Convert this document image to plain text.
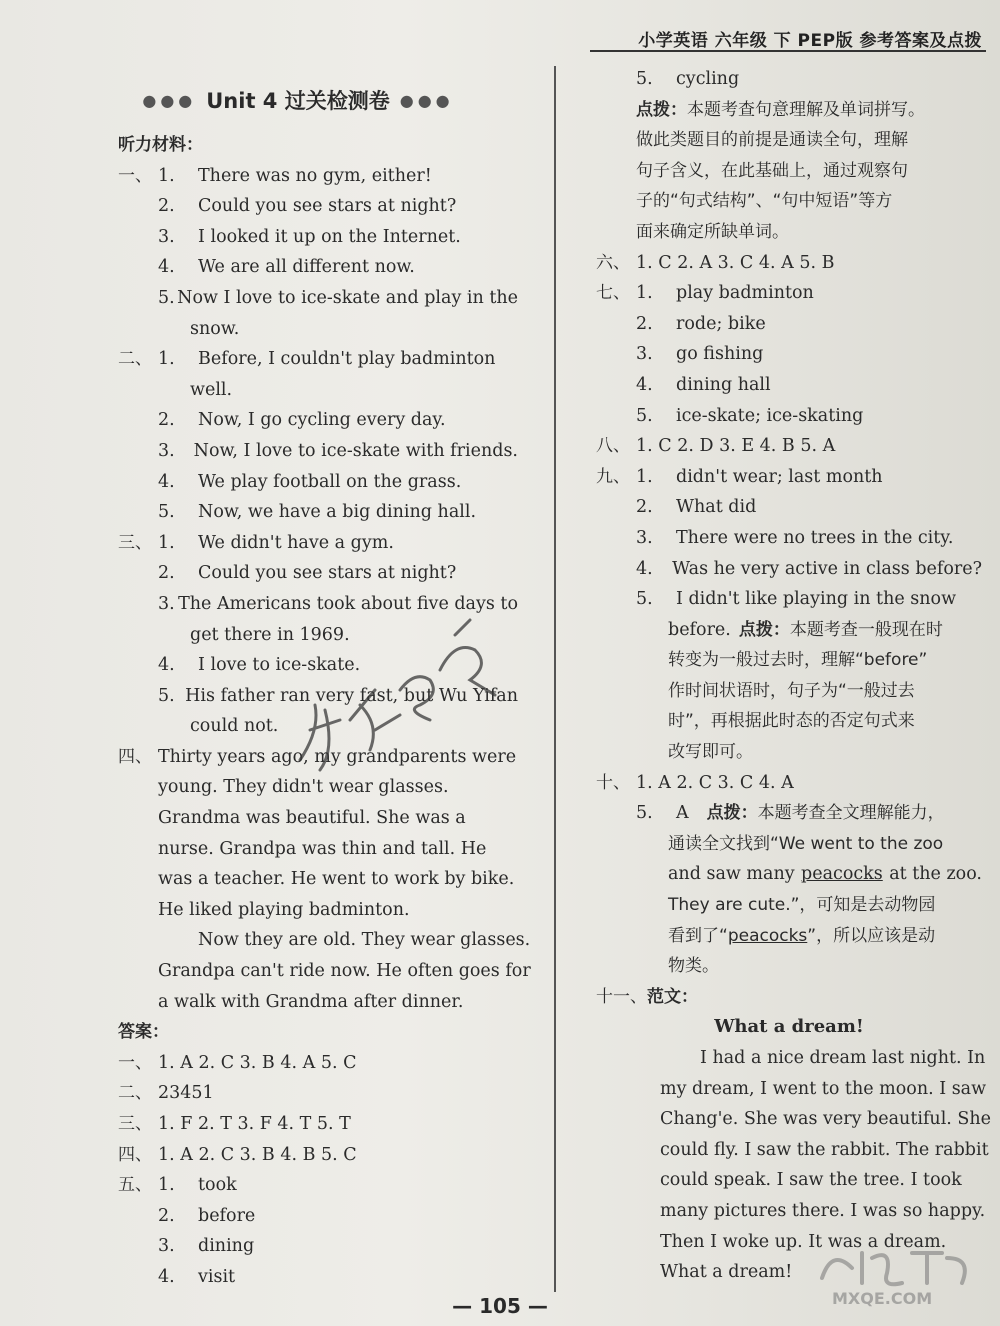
小学英语 六年级 下 PEP版 参考答案及点拨
●●● Unit 4 过关检测卷 ●●●
听力材料：
一、 1.	There was no gym, either!
2.	Could you see stars at night?
3.	I looked it up on the Internet.
4.	We are all different now.
5. Now I love to ice-skate and play in the
snow.
二、 1.	Before, I couldn't play badminton
well.
2.	Now, I go cycling every day.
3.	Now, I love to ice-skate with friends.
4.	We play football on the grass.
5.	Now, we have a big dining hall.
三、 1.	We didn't have a gym.
2.	Could you see stars at night?
3. The Americans took about five days to
get there in 1969.
4.	I love to ice-skate.
5. His father ran very fast, but Wu Yifan
could not.
四、 Thirty years ago, my grandparents were
young. They didn't wear glasses.
Grandma was beautiful. She was a
nurse. Grandpa was thin and tall. He
was a teacher. He went to work by bike.
He liked playing badminton.
Now they are old. They wear glasses.
Grandpa can't ride now. He often goes for
a walk with Grandma after dinner.
答案：
一、 1. A 2. C 3. B 4. A 5. C
二、 23451
三、 1. F 2. T 3. F 4. T 5. T
四、 1. A 2. C 3. B 4. B 5. C
五、 1.	took
2.	before
3.	dining
4.	visit
5.	cycling
点拨： 本题考查句意理解及单词拼写。
做此类题目的前提是通读全句，理解
句子含义，在此基础上，通过观察句
子的“句式结构”、“句中短语”等方
面来确定所缺单词。
六、 1. C 2. A 3. C 4. A 5. B
七、 1.	play badminton
2.	rode; bike
3.	go fishing
4.	dining hall
5.	ice-skate; ice-skating
八、 1. C 2. D 3. E 4. B 5. A
九、 1.	didn't wear; last month
2.	What did
3.	There were no trees in the city.
4.	Was he very active in class before?
5.	I didn't like playing in the snow
before. 点拨： 本题考查一般现在时
转变为一般过去时，理解“before”
作时间状语时，句子为“一般过去
时”，再根据此时态的否定句式来
改写即可。
十、 1. A 2. C 3. C 4. A
5.	A 点拨： 本题考查全文理解能力，
通读全文找到“We went to the zoo
and saw many peacocks at the zoo.
They are cute.”，可知是去动物园
看到了“ peacocks ”，所以应该是动
物类。
十一、 范文：
What a dream!
I had a nice dream last night. In
my dream, I went to the moon. I saw
Chang'e. She was very beautiful. She
could fly. I saw the rabbit. The rabbit
could speak. I saw the tree. I took
many pictures there. I was so happy.
Then I woke up. It was a dream.
What a dream!
MXQE.COM
— 105 —
